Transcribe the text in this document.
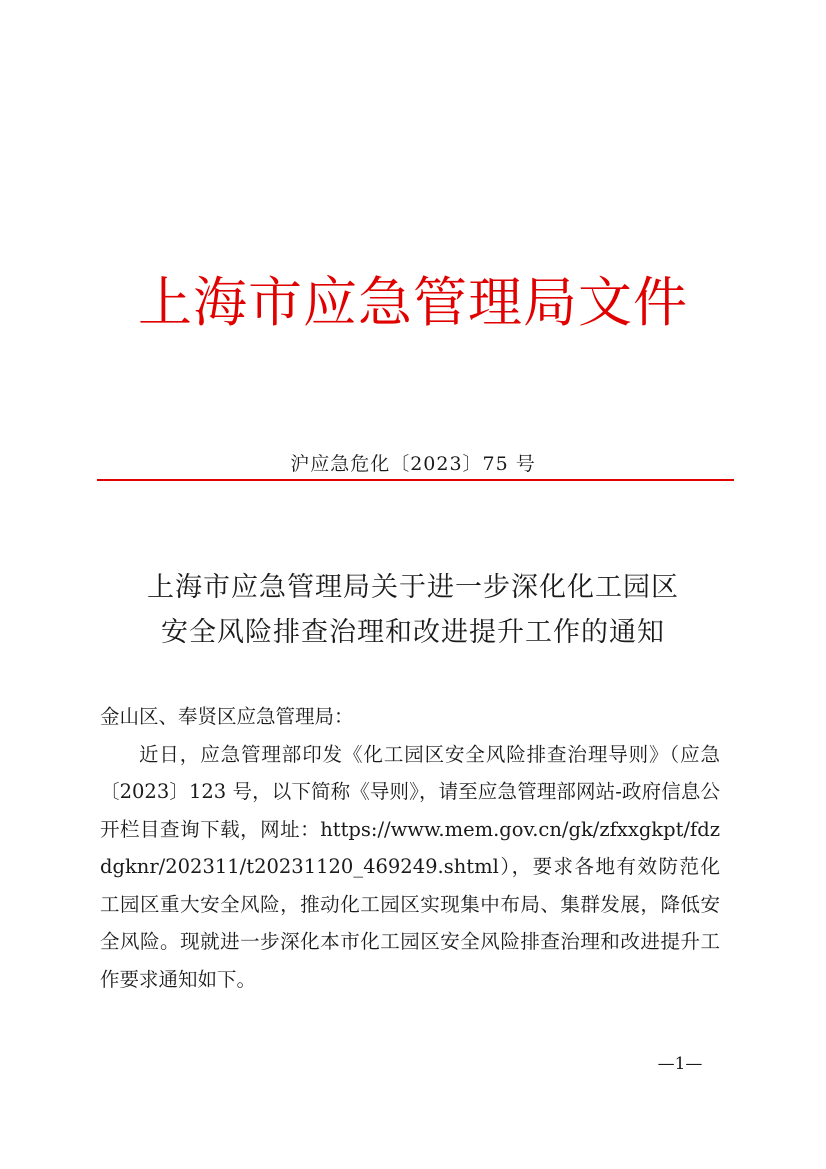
上海市应急管理局文件
沪应急危化〔2023〕75 号
上海市应急管理局关于进一步深化化工园区
安全风险排查治理和改进提升工作的通知

金山区、奉贤区应急管理局：

近日，应急管理部印发《化工园区安全风险排查治理导则》（应急〔2023〕123 号，以下简称《导则》，请至应急管理部网站-政府信息公开栏目查询下载，网址：https://www.mem.gov.cn/gk/zfxxgkpt/fdzdgknr/202311/t20231120_469249.shtml），要求各地有效防范化工园区重大安全风险，推动化工园区实现集中布局、集群发展，降低安全风险。现就进一步深化本市化工园区安全风险排查治理和改进提升工作要求通知如下。

—1—
